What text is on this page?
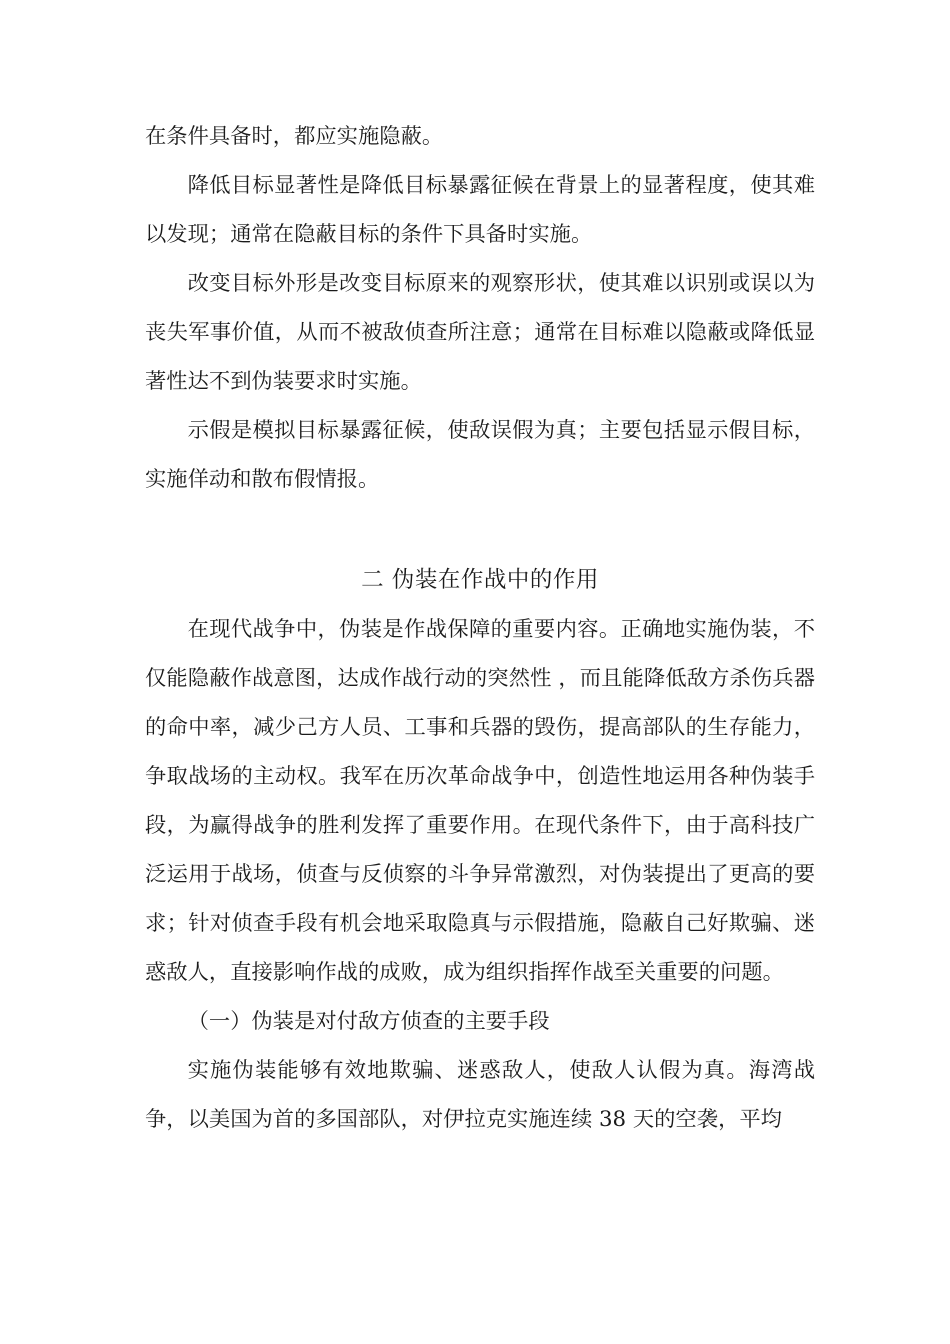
在条件具备时，都应实施隐蔽。

降低目标显著性是降低目标暴露征候在背景上的显著程度，使其难以发现；通常在隐蔽目标的条件下具备时实施。

改变目标外形是改变目标原来的观察形状，使其难以识别或误以为丧失军事价值，从而不被敌侦查所注意；通常在目标难以隐蔽或降低显著性达不到伪装要求时实施。

示假是模拟目标暴露征候，使敌误假为真；主要包括显示假目标，实施佯动和散布假情报。

二 伪装在作战中的作用

在现代战争中，伪装是作战保障的重要内容。正确地实施伪装，不仅能隐蔽作战意图，达成作战行动的突然性 ，而且能降低敌方杀伤兵器的命中率，减少己方人员、工事和兵器的毁伤，提高部队的生存能力，争取战场的主动权。我军在历次革命战争中，创造性地运用各种伪装手段，为赢得战争的胜利发挥了重要作用。在现代条件下，由于高科技广泛运用于战场，侦查与反侦察的斗争异常激烈，对伪装提出了更高的要求；针对侦查手段有机会地采取隐真与示假措施，隐蔽自己好欺骗、迷惑敌人，直接影响作战的成败，成为组织指挥作战至关重要的问题。

（一）伪装是对付敌方侦查的主要手段

实施伪装能够有效地欺骗、迷惑敌人，使敌人认假为真。海湾战争，以美国为首的多国部队，对伊拉克实施连续 38 天的空袭，平均
